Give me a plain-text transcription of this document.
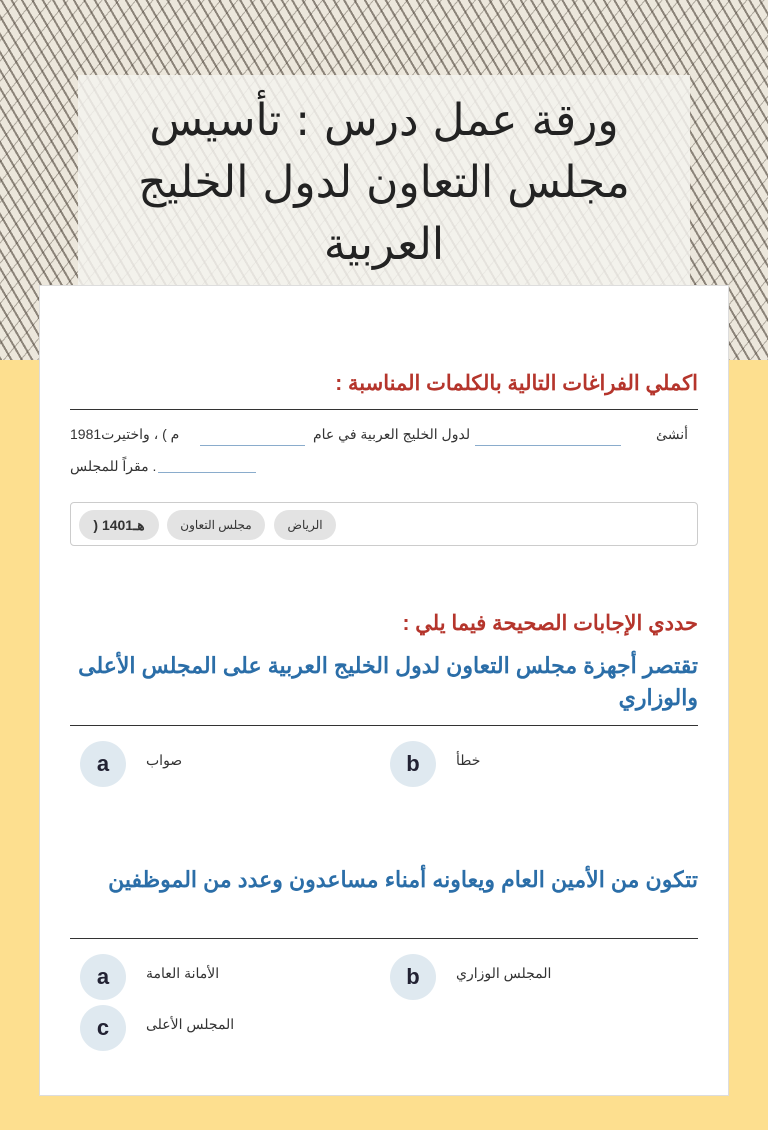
ورقة عمل درس : تأسيس مجلس التعاون لدول الخليج العربية
اكملي الفراغات التالية بالكلمات المناسبة :
أنشئ
لدول الخليج العربية في عام
1981م ) ، واختيرت
مقراً للمجلس .
الرياض
مجلس التعاون
) هـ1401
حددي الإجابات الصحيحة فيما يلي :
تقتصر أجهزة مجلس التعاون لدول الخليج العربية على المجلس الأعلى والوزاري
a	صواب	b	خطأ
تتكون من الأمين العام ويعاونه أمناء مساعدون وعدد من الموظفين
a	الأمانة العامة	b	المجلس الوزاري
c	المجلس الأعلى
